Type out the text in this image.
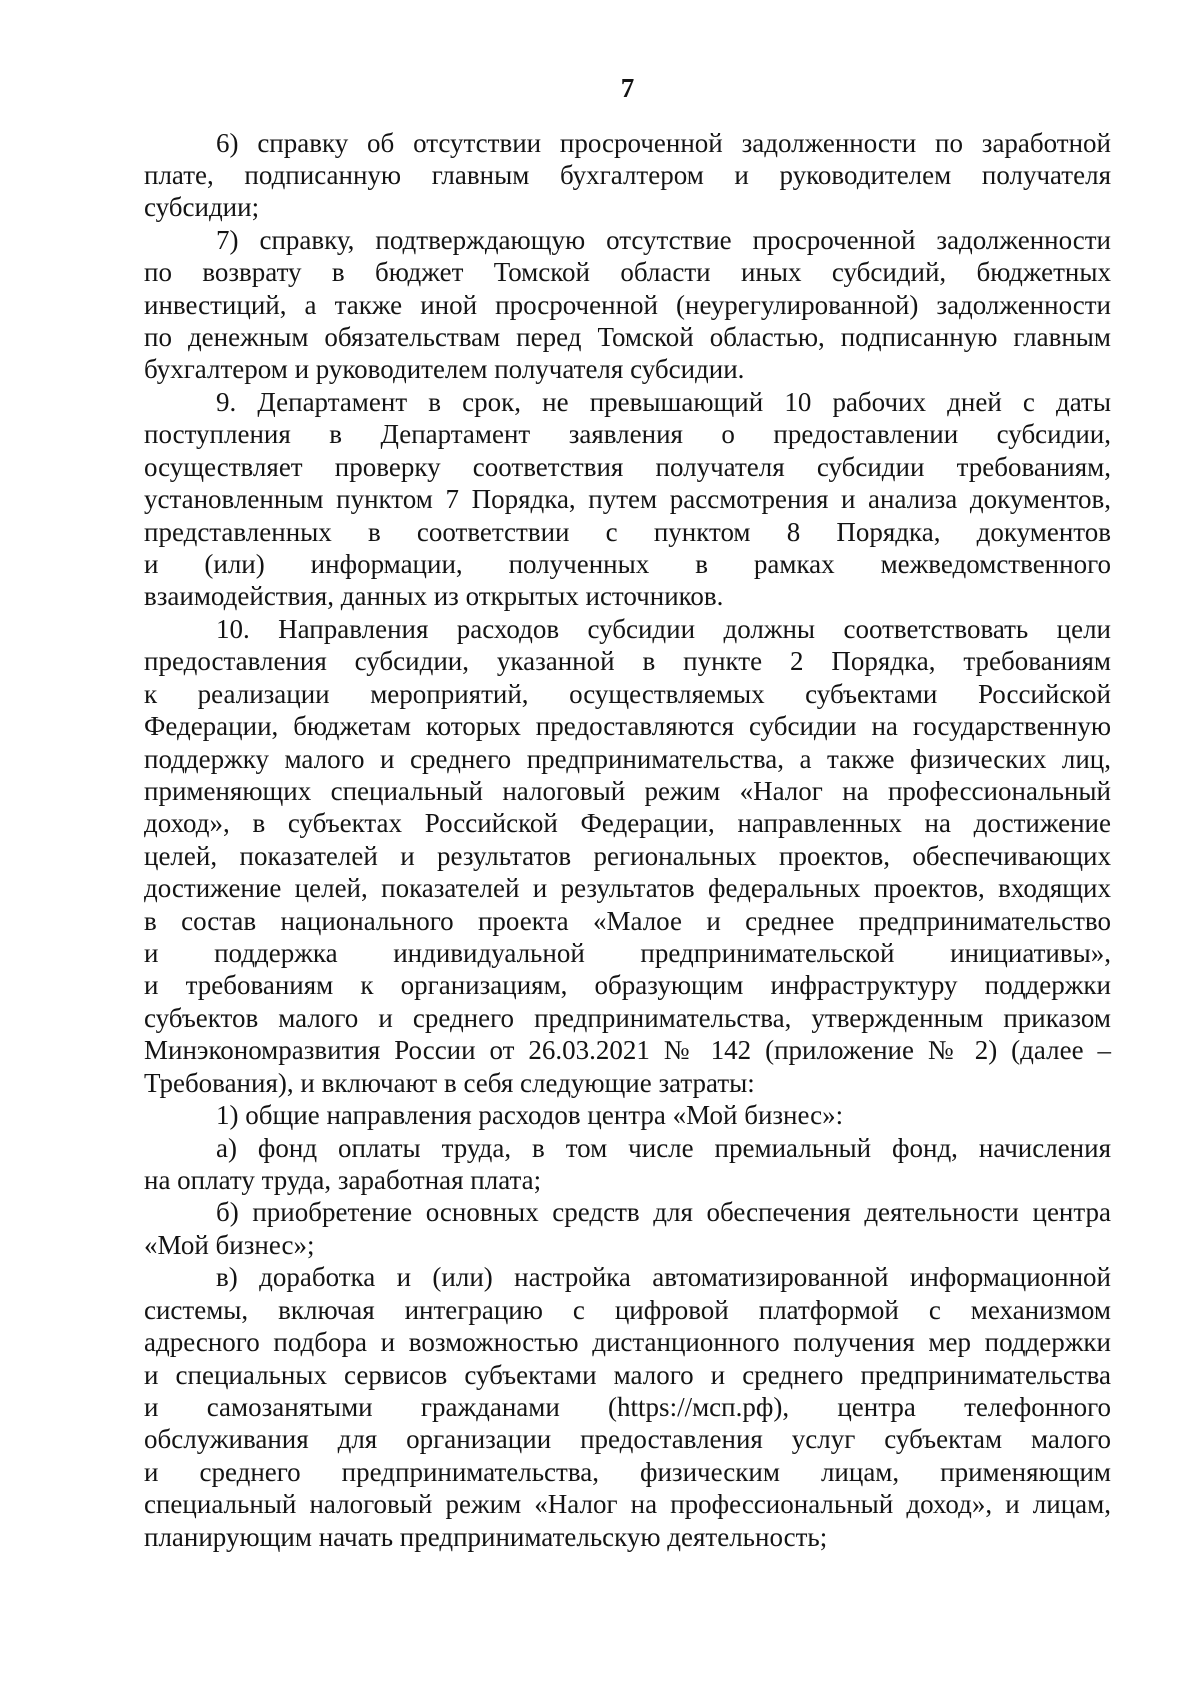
7
6) справку об отсутствии просроченной задолженности по заработной
плате, подписанную главным бухгалтером и руководителем получателя
субсидии;
7) справку, подтверждающую отсутствие просроченной задолженности
по возврату в бюджет Томской области иных субсидий, бюджетных
инвестиций, а также иной просроченной (неурегулированной) задолженности
по денежным обязательствам перед Томской областью, подписанную главным
бухгалтером и руководителем получателя субсидии.
9. Департамент в срок, не превышающий 10 рабочих дней с даты
поступления в Департамент заявления о предоставлении субсидии,
осуществляет проверку соответствия получателя субсидии требованиям,
установленным пунктом 7 Порядка, путем рассмотрения и анализа документов,
представленных в соответствии с пунктом 8 Порядка, документов
и (или) информации, полученных в рамках межведомственного
взаимодействия, данных из открытых источников.
10. Направления расходов субсидии должны соответствовать цели
предоставления субсидии, указанной в пункте 2 Порядка, требованиям
к реализации мероприятий, осуществляемых субъектами Российской
Федерации, бюджетам которых предоставляются субсидии на государственную
поддержку малого и среднего предпринимательства, а также физических лиц,
применяющих специальный налоговый режим «Налог на профессиональный
доход», в субъектах Российской Федерации, направленных на достижение
целей, показателей и результатов региональных проектов, обеспечивающих
достижение целей, показателей и результатов федеральных проектов, входящих
в состав национального проекта «Малое и среднее предпринимательство
и поддержка индивидуальной предпринимательской инициативы»,
и требованиям к организациям, образующим инфраструктуру поддержки
субъектов малого и среднего предпринимательства, утвержденным приказом
Минэкономразвития России от 26.03.2021 № 142 (приложение № 2) (далее –
Требования), и включают в себя следующие затраты:
1) общие направления расходов центра «Мой бизнес»:
а) фонд оплаты труда, в том числе премиальный фонд, начисления
на оплату труда, заработная плата;
б) приобретение основных средств для обеспечения деятельности центра
«Мой бизнес»;
в) доработка и (или) настройка автоматизированной информационной
системы, включая интеграцию с цифровой платформой с механизмом
адресного подбора и возможностью дистанционного получения мер поддержки
и специальных сервисов субъектами малого и среднего предпринимательства
и самозанятыми гражданами (https://мсп.рф), центра телефонного
обслуживания для организации предоставления услуг субъектам малого
и среднего предпринимательства, физическим лицам, применяющим
специальный налоговый режим «Налог на профессиональный доход», и лицам,
планирующим начать предпринимательскую деятельность;
